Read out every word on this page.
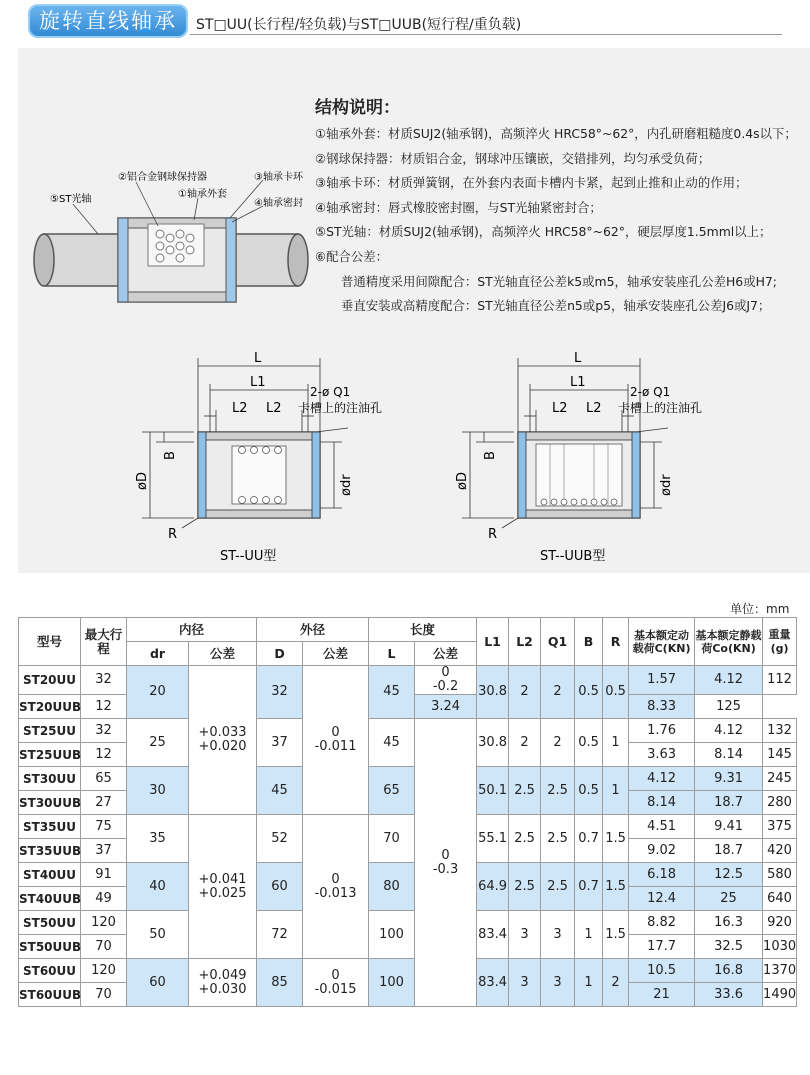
旋转直线轴承	ST□UU(长行程/轻负载)与ST□UUB(短行程/重负载)
②铝合金钢球保持器
①轴承外套
⑤ST光轴
③轴承卡环
④轴承密封
结构说明：
①轴承外套：材质SUJ2(轴承钢)，高频淬火 HRC58°~62°，内孔研磨粗糙度0.4s以下；
②钢球保持器：材质铝合金，钢球冲压镶嵌，交错排列，均匀承受负荷；
③轴承卡环：材质弹簧钢，在外套内表面卡槽内卡紧，起到止推和止动的作用；
④轴承密封：唇式橡胶密封圈，与ST光轴紧密封合；
⑤ST光轴：材质SUJ2(轴承钢)，高频淬火 HRC58°~62°，硬层厚度1.5mml以上；
⑥配合公差：
普通精度采用间隙配合：ST光轴直径公差k5或m5，轴承安装座孔公差H6或H7;
垂直安装或高精度配合：ST光轴直径公差n5或p5，轴承安装座孔公差J6或J7；
L
L1
L2 L2
2-ø Q1
卡槽上的注油孔
B
øD	ødr
R
ST--UU型
L
L1
L2 L2
2-ø Q1
卡槽上的注油孔
B
øD	ødr
R
ST--UUB型
单位：mm
型号	最大行程	内径		外径		长度		L1	L2	Q1	B	R	基本额定动载荷C(KN)	基本额定静载荷Co(KN)	重量(g)
		dr	公差	D	公差	L	公差								
ST20UU	32	20	+0.033
+0.020	32	0
-0.011	45	0
-0.2	30.8	2	2	0.5	0.5	1.57	4.12	112
ST20UUB	12						3.24						8.33	125	
ST25UU	32	25		37		45	0
-0.3	30.8	2	2	0.5	1	1.76	4.12	132
ST25UUB	12												3.63	8.14	145
ST30UU	65	30		45		65		50.1	2.5	2.5	0.5	1	4.12	9.31	245
ST30UUB	27												8.14	18.7	280
ST35UU	75	35	+0.041
+0.025	52	0
-0.013	70		55.1	2.5	2.5	0.7	1.5	4.51	9.41	375
ST35UUB	37												9.02	18.7	420
ST40UU	91	40		60		80		64.9	2.5	2.5	0.7	1.5	6.18	12.5	580
ST40UUB	49												12.4	25	640
ST50UU	120	50		72		100		83.4	3	3	1	1.5	8.82	16.3	920
ST50UUB	70												17.7	32.5	1030
ST60UU	120	60	+0.049
+0.030	85	0
-0.015	100		83.4	3	3	1	2	10.5	16.8	1370
ST60UUB	70												21	33.6	1490
